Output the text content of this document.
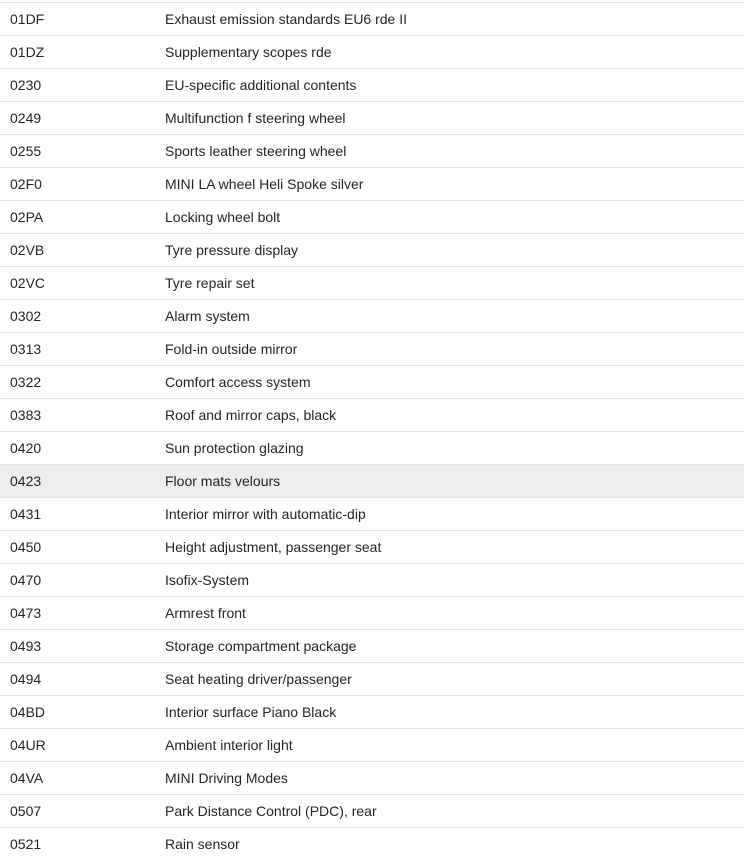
01DF	Exhaust emission standards EU6 rde II
01DZ	Supplementary scopes rde
0230	EU-specific additional contents
0249	Multifunction f steering wheel
0255	Sports leather steering wheel
02F0	MINI LA wheel Heli Spoke silver
02PA	Locking wheel bolt
02VB	Tyre pressure display
02VC	Tyre repair set
0302	Alarm system
0313	Fold-in outside mirror
0322	Comfort access system
0383	Roof and mirror caps, black
0420	Sun protection glazing
0423	Floor mats velours
0431	Interior mirror with automatic-dip
0450	Height adjustment, passenger seat
0470	Isofix-System
0473	Armrest front
0493	Storage compartment package
0494	Seat heating driver/passenger
04BD	Interior surface Piano Black
04UR	Ambient interior light
04VA	MINI Driving Modes
0507	Park Distance Control (PDC), rear
0521	Rain sensor
